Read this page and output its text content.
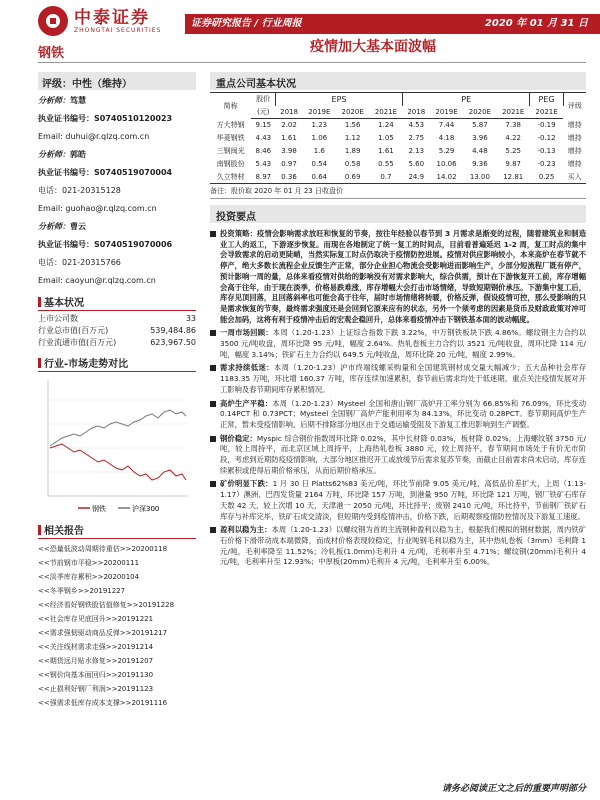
中泰证券
ZHONGTAI SECURITIES
证券研究报告 / 行业周报	2020 年 01 月 31 日
钢铁	疫情加大基本面波幅
评级：中性（维持）
分析师：笃慧
执业证书编号：S0740510120023
Email: duhui@r.qlzq.com.cn
分析师：郭皓
执业证书编号：S0740519070004
电话：021-20315128
Email: guohao@r.qlzq.com.cn
分析师：曹云
执业证书编号：S0740519070006
电话：021-20315766
Email: caoyun@r.qlzq.com.cn
基本状况
上市公司数	33
行业总市值(百万元)	539,484.86
行业流通市值(百万元)	623,967.50
行业-市场走势对比
钢铁	沪深300
相关报告
<<恐量低波动周期待重估>>20200118
<<节前钢市平稳>>20200111
<<淡季库存累积>>20200104
<<冬季钢乡>>20191227
<<经济看好钢铁股估值修复>>20191228
<<社会库存见底回升>>20191221
<<需求强韧驱动商品反弹>>20191217
<<关注线材需求走强>>20191214
<<期货远月贴水修复>>20191207
<<钢价向基本面回归>>20191130
<<止损利好钢厂利润>>20191123
<<强需求低库存成本支撑>>20191116
重点公司基本状况
简称	股价	EPS				PE				PEG	评级
	(元)	2018	2019E	2020E	2021E	2018	2019E	2020E	2021E	2021E	
方大特钢	9.15	2.02	1.23	1.56	1.24	4.53	7.44	5.87	7.38	-0.19	增持
华菱钢铁	4.43	1.61	1.06	1.12	1.05	2.75	4.18	3.96	4.22	-0.12	增持
三钢闽光	8.46	3.98	1.6	1.89	1.61	2.13	5.29	4.48	5.25	-0.13	增持
南钢股份	5.43	0.97	0.54	0.58	0.55	5.60	10.06	9.36	9.87	-0.23	增持
久立特材	8.97	0.36	0.64	0.69	0.7	24.9	14.02	13.00	12.81	0.25	买入
备注：股价取 2020 年 01 月 23 日收盘价
投资要点
投资策略：疫情会影响需求放旺和恢复的节奏，按往年经验以春节到 3 月需求是渐变的过程，随着建筑业和制造业工人的返工，下游逐步恢复。而现在各地制定了统一复工的时间点，目前看普遍延迟 1-2 周，复工时点的集中会导致需求的启动更陡峭，当然实际复工时点仍取决于疫情防控进展。疫情对供应影响较小，本来高炉在春节就不停产，绝大多数长流程企业反馈生产正常，部分企业担心物流会受影响进而影响生产，少部分短流程厂既有停产，预计影响一周的量，总体来看疫情对供给的影响没有对需求影响大，综合供需，预计在下游恢复开工前，库存增幅会高于往年，由于现在淡季，价格易跌难涨，库存增幅大会打击市场情绪，导致短期钢价承压。下游集中复工后，库存见顶回落，且回落斜率也可能会高于往年，届时市场情绪将转暖，价格反弹，假设疫情可控，那么受影响的只是需求恢复的节奏，最终需求强度还是会回到它原来应有的状态，另外一个须考虑的因素是货币及财政政策对冲可能会加码，这将有利于疫情冲击后的宏观企稳回升，总体来看疫情冲击下钢铁基本面的波动幅度。
一周市场回顾：本周（1.20-1.23）上证综合指数下跌 3.22%，中万钢铁板块下跌 4.86%。螺纹钢主力合约以 3500 元/吨收盘，周环比降 95 元/吨，幅度 2.64%。热轧卷板主力合约以 3521 元/吨收盘，周环比降 114 元/吨，幅度 3.14%；铁矿石主力合约以 649.5 元/吨收盘，周环比降 20 元/吨，幅度 2.99%。
需求持续低迷：本周（1.20-1.23）沪市终端线螺采购量和全国建筑钢材成交量大幅减少；五大品种社会库存 1183.35 万吨，环比增 160.37 万吨，库存连续加速累积，春节前后需求均处于低迷期，重点关注疫情发展对开工影响及春节期间库存累积情况。
高炉生产平稳：本周（1.20-1.23）Mysteel 全国和唐山钢厂高炉开工率分别为 66.85%和 76.09%，环比变动 0.14PCT 和 0.73PCT；Mysteel 全国钢厂高炉产能利用率为 84.13%，环比变动 0.28PCT。春节期间高炉生产正常，暂未受疫情影响，后期不排除部分地区由于交通运输受阻及下游复工推迟影响到生产调整。
钢价稳定：Myspic 综合钢价指数周环比降 0.02%，其中长材降 0.03%，板材降 0.02%。上海螺纹钢 3750 元/吨，较上周持平，而北京区域上周持平，上海热轧卷板 3880 元，较上周持平，春节期间市场处于有价无市阶段，考虑到近期防疫疫情影响，大部分地区推迟开工或放缓节后需求复苏节奏，而截止目前需求尚未启动，库存连续累积或使得后期价格承压，从而后期价格承压。
矿价明显下跌：1 月 30 日 Platts62%83 美元/吨，环比节前降 9.05 美元/吨，高低品价差扩大，上周（1.13-1.17）澳洲、巴西发货量 2164 万吨，环比降 157 万吨，到港量 950 万吨，环比降 121 万吨，钢厂铁矿石库存天数 42 天，较上次增 10 天，天津港一 2050 元/吨，环比持平；废钢 2410 元/吨，环比持平，节前钢厂铁矿石库存与补库完毕，铁矿石成交清淡，但短期内受到疫情冲击，价格下跌，后期观察疫情防控情况及下游复工速度。
盈利以稳为主：本周（1.20-1.23）以螺纹钢为首的主流钢种盈利以稳为主，根据我们模拟的钢材数据，周内铁矿石价格下滑带动成本端微降，而成材价格表现较稳定，行业吨钢毛利以稳为主，其中热轧卷板（3mm）毛利降 1 元/吨，毛利率降至 11.52%；冷轧板(1.0mm)毛利升 4 元/吨，毛利率升至 4.71%；螺纹钢(20mm)毛利升 4 元/吨，毛利率升至 12.93%；中厚板(20mm)毛利升 4 元/吨，毛利率升至 6.00%。
请务必阅读正文之后的重要声明部分
